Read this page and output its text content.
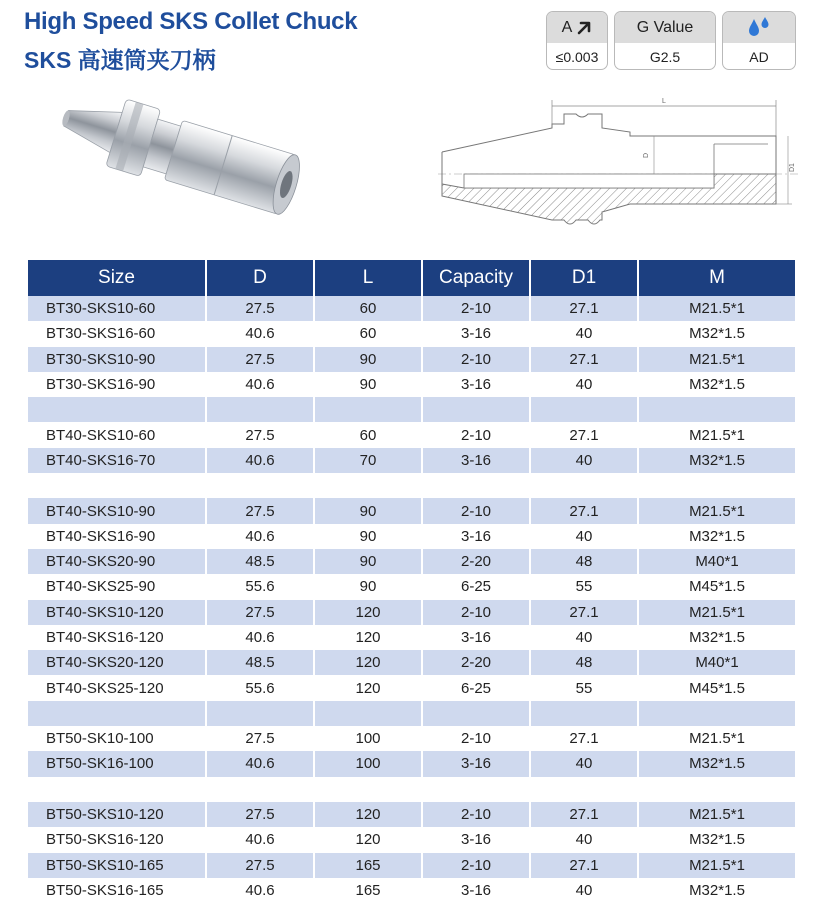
High Speed SKS Collet Chuck
SKS 高速筒夹刀柄
A
≤0.003
G Value
G2.5	AD
L
D
D1
Size	D	L	Capacity	D1	M
BT30-SKS10-60	27.5	60	2-10	27.1	M21.5*1
BT30-SKS16-60	40.6	60	3-16	40	M32*1.5
BT30-SKS10-90	27.5	90	2-10	27.1	M21.5*1
BT30-SKS16-90	40.6	90	3-16	40	M32*1.5

BT40-SKS10-60	27.5	60	2-10	27.1	M21.5*1
BT40-SKS16-70	40.6	70	3-16	40	M32*1.5

BT40-SKS10-90	27.5	90	2-10	27.1	M21.5*1
BT40-SKS16-90	40.6	90	3-16	40	M32*1.5
BT40-SKS20-90	48.5	90	2-20	48	M40*1
BT40-SKS25-90	55.6	90	6-25	55	M45*1.5
BT40-SKS10-120	27.5	120	2-10	27.1	M21.5*1
BT40-SKS16-120	40.6	120	3-16	40	M32*1.5
BT40-SKS20-120	48.5	120	2-20	48	M40*1
BT40-SKS25-120	55.6	120	6-25	55	M45*1.5

BT50-SK10-100	27.5	100	2-10	27.1	M21.5*1
BT50-SK16-100	40.6	100	3-16	40	M32*1.5

BT50-SKS10-120	27.5	120	2-10	27.1	M21.5*1
BT50-SKS16-120	40.6	120	3-16	40	M32*1.5
BT50-SKS10-165	27.5	165	2-10	27.1	M21.5*1
BT50-SKS16-165	40.6	165	3-16	40	M32*1.5
